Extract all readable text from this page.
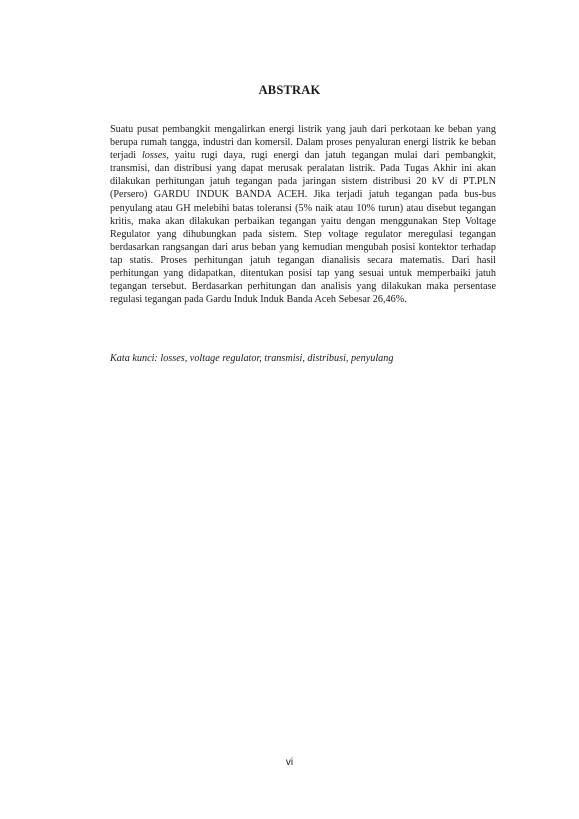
ABSTRAK

Suatu pusat pembangkit mengalirkan energi listrik yang jauh dari perkotaan ke beban yang berupa rumah tangga, industri dan komersil. Dalam proses penyaluran energi listrik ke beban terjadi losses, yaitu rugi daya, rugi energi dan jatuh tegangan mulai dari pembangkit, transmisi, dan distribusi yang dapat merusak peralatan listrik. Pada Tugas Akhir ini akan dilakukan perhitungan jatuh tegangan pada jaringan sistem distribusi 20 kV di PT.PLN (Persero) GARDU INDUK BANDA ACEH. Jika terjadi jatuh tegangan pada bus-bus penyulang atau GH melebihi batas toleransi (5% naik atau 10% turun) atau disebut tegangan kritis, maka akan dilakukan perbaikan tegangan yaitu dengan menggunakan Step Voltage Regulator yang dihubungkan pada sistem. Step voltage regulator meregulasi tegangan berdasarkan rangsangan dari arus beban yang kemudian mengubah posisi kontektor terhadap tap statis. Proses perhitungan jatuh tegangan dianalisis secara matematis. Dari hasil perhitungan yang didapatkan, ditentukan posisi tap yang sesuai untuk memperbaiki jatuh tegangan tersebut. Berdasarkan perhitungan dan analisis yang dilakukan maka persentase regulasi tegangan pada Gardu Induk Induk Banda Aceh Sebesar 26,46%.

Kata kunci: losses, voltage regulator, transmisi, distribusi, penyulang
vi
